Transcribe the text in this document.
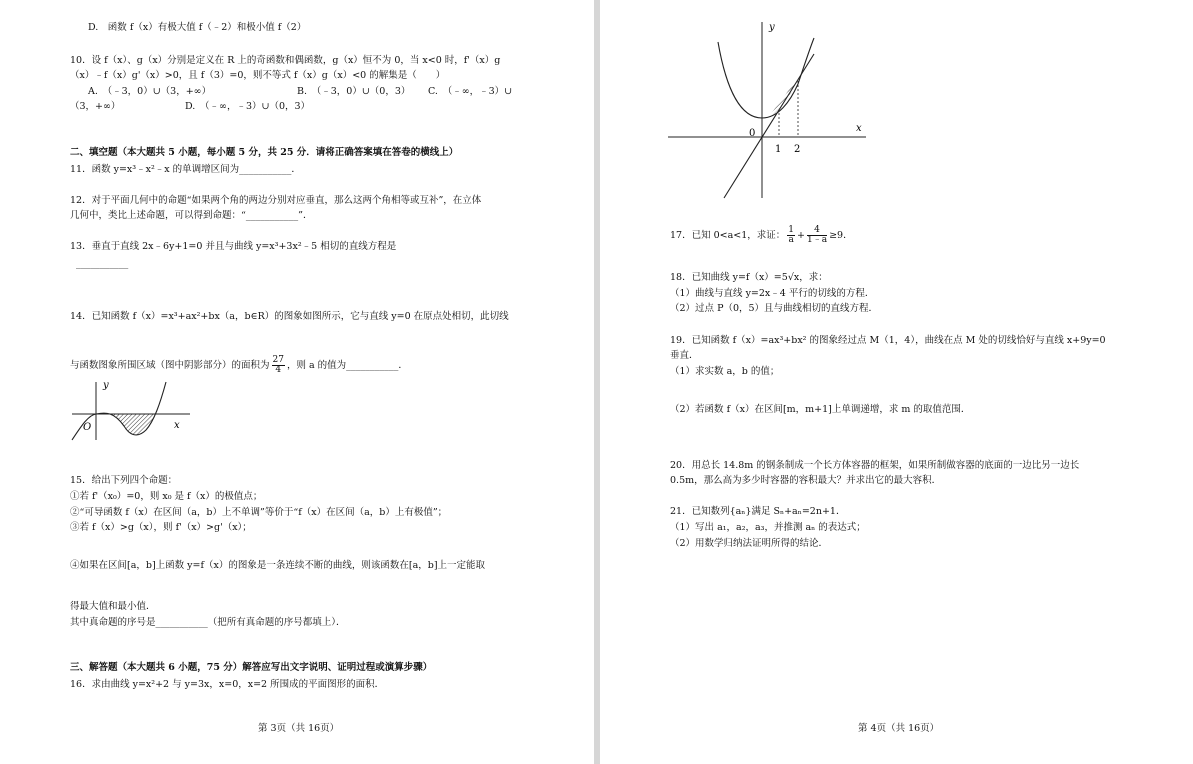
D.　函数 f（x）有极大值 f（﹣2）和极小值 f（2）
10．设 f（x）、g（x）分别是定义在 R 上的奇函数和偶函数，g（x）恒不为 0，当 x<0 时，f'（x）g
（x）﹣f（x）g'（x）>0，且 f（3）=0，则不等式 f（x）g（x）<0 的解集是（　　）
A.　（﹣3，0）∪（3，+∞）	B.　（﹣3，0）∪（0，3） C.　（﹣∞，﹣3）∪
（3，+∞）	D.　（﹣∞，﹣3）∪（0，3）
二、填空题（本大题共 5 小题，每小题 5 分，共 25 分．请将正确答案填在答卷的横线上）
11．函数 y=x³﹣x²﹣x 的单调增区间为___________．
12．对于平面几何中的命题“如果两个角的两边分别对应垂直，那么这两个角相等或互补”，在立体
几何中，类比上述命题，可以得到命题：“___________”．
13．垂直于直线 2x﹣6y+1=0 并且与曲线 y=x³+3x²﹣5 相切的直线方程是
___________
14．已知函数 f（x）=x³+ax²+bx（a，b∈R）的图象如图所示，它与直线 y=0 在原点处相切，此切线
与函数图象所围区域（图中阴影部分）的面积为 $\frac{27}{4}$ ，则 a 的值为___________．
y
O	x
15．给出下列四个命题：
①若 f'（x₀）=0，则 x₀ 是 f（x）的极值点；
②“可导函数 f（x）在区间（a，b）上不单调”等价于“f（x）在区间（a，b）上有极值”；
③若 f（x）>g（x），则 f'（x）>g'（x）；
④如果在区间[a，b]上函数 y=f（x）的图象是一条连续不断的曲线，则该函数在[a，b]上一定能取
得最大值和最小值．
其中真命题的序号是___________（把所有真命题的序号都填上）．
三、解答题（本大题共 6 小题，75 分）解答应写出文字说明、证明过程或演算步骤）
16．求由曲线 y=x²+2 与 y=3x，x=0，x=2 所围成的平面图形的面积．
第 3页（共 16页）
y
x
0
1 2
17．已知 0<a<1，求证： $\frac{1}{a} + \frac{4}{1﹣a} \ge 9$．
18．已知曲线 y=f（x）=5√x，求：
（1）曲线与直线 y=2x﹣4 平行的切线的方程．
（2）过点 P（0，5）且与曲线相切的直线方程．
19．已知函数 f（x）=ax³+bx² 的图象经过点 M（1，4），曲线在点 M 处的切线恰好与直线 x+9y=0
垂直．
（1）求实数 a，b 的值；
（2）若函数 f（x）在区间[m，m+1]上单调递增，求 m 的取值范围．
20．用总长 14.8m 的钢条制成一个长方体容器的框架，如果所制做容器的底面的一边比另一边长
0.5m，那么高为多少时容器的容积最大？并求出它的最大容积．
21．已知数列{aₙ}满足 Sₙ+aₙ=2n+1．
（1）写出 a₁，a₂，a₃，并推测 aₙ 的表达式；
（2）用数学归纳法证明所得的结论．
第 4页（共 16页）
